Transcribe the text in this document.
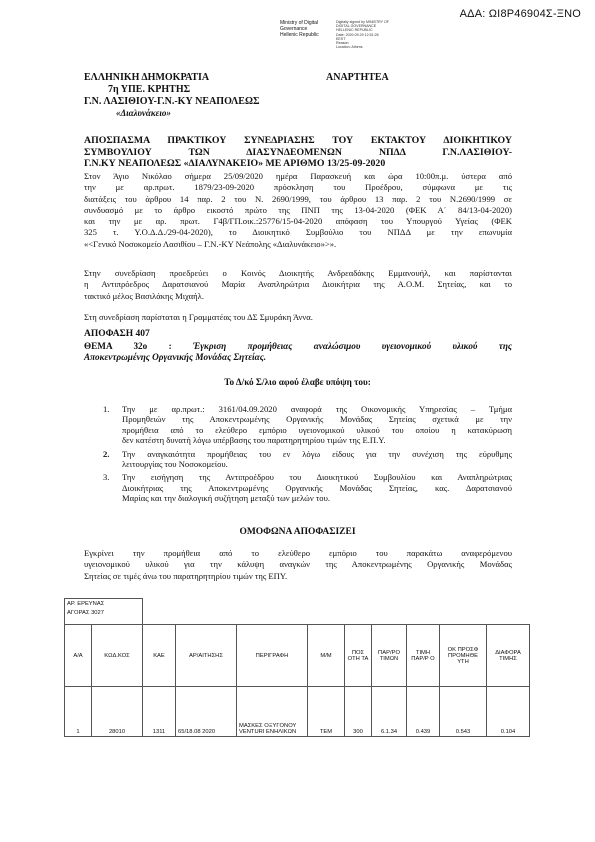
ΑΔΑ: ΩΙ8Ρ46904Σ-ΞΝΟ
Ministry of Digital
Governance
Hellenic RepublicDigitally signed by MINISTRY OF
DIGITAL GOVERNANCE
HELLENIC REPUBLIC
Date: 2020.09.29 12:51:26
EEST
Reason:
Location: Athens
ΕΛΛΗΝΙΚΗ ΔΗΜΟΚΡΑΤΙΑ	ΑΝΑΡΤΗΤΕΑ
7η ΥΠΕ. ΚΡΗΤΗΣ
Γ.Ν. ΛΑΣΙΘΙΟΥ-Γ.Ν.-ΚΥ ΝΕΑΠΟΛΕΩΣ
«Διαλυνάκειο»
ΑΠΟΣΠΑΣΜΑ ΠΡΑΚΤΙΚΟΥ ΣΥΝΕΔΡΙΑΣΗΣ ΤΟΥ ΕΚΤΑΚΤΟΥ ΔΙΟΙΚΗΤΙΚΟΥ
ΣΥΜΒΟΥΛΙΟΥ ΤΩΝ ΔΙΑΣΥΝΔΕΟΜΕΝΩΝ ΝΠΔΔ Γ.Ν.ΛΑΣΙΘΙΟΥ-
Γ.Ν.ΚΥ ΝΕΑΠΟΛΕΩΣ «ΔΙΑΛΥΝΑΚΕΙΟ» ΜΕ ΑΡΙΘΜΟ 13/25-09-2020
Στον Άγιο Νικόλαο σήμερα 25/09/2020 ημέρα Παρασκευή και ώρα 10:00π.μ. ύστερα από
την με αρ.πρωτ. 1879/23-09-2020 πρόσκληση του Προέδρου, σύμφωνα με τις
διατάξεις του άρθρου 14 παρ. 2 του Ν. 2690/1999, του άρθρου 13 παρ. 2 του Ν.2690/1999 σε
συνδυασμό με το άρθρο εικοστό πρώτο της ΠΝΠ της 13-04-2020 (ΦΕΚ Α΄ 84/13-04-2020)
και την με αρ. πρωτ. Γ4β/ΓΠ.οικ.:25776/15-04-2020 απόφαση του Υπουργού Υγείας (ΦΕΚ
325 τ. Υ.Ο.Δ.Δ./29-04-2020), το Διοικητικό Συμβούλιο του ΝΠΔΔ με την επωνυμία
«<Γενικό Νοσοκομείο Λασιθίου – Γ.Ν.-ΚΥ Νεάπολης «Διαλυνάκειο»>».
Στην συνεδρίαση προεδρεύει ο Κοινός Διοικητής Ανδρεαδάκης Εμμανουήλ, και παρίστανται
η Αντιπρόεδρος Δαρατσιανού Μαρία Αναπληρώτρια Διοικήτρια της Α.Ο.Μ. Σητείας, και το
τακτικό μέλος Βασιλάκης Μιχαήλ.
Στη συνεδρίαση παρίσταται η Γραμματέας του ΔΣ Σμυράκη Άννα.
ΑΠΟΦΑΣΗ 407
ΘΕΜΑ 32ο : Έγκριση προμήθειας αναλώσιμου υγειονομικού υλικού της
Αποκεντρωμένης Οργανικής Μονάδας Σητείας.
Το Δ/κό Σ/λιο αφού έλαβε υπόψη του:
1. Την με αρ.πρωτ.: 3161/04.09.2020 αναφορά της Οικονομικής Υπηρεσίας – Τμήμα
Προμηθειών της Αποκεντρωμένης Οργανικής Μονάδας Σητείας σχετικά με την
προμήθεια από το ελεύθερο εμπόριο υγειονομικού υλικού του οποίου η κατακύρωση
δεν κατέστη δυνατή λόγω υπέρβασης του παρατηρητηρίου τιμών της Ε.Π.Υ.
2. Την αναγκαιότητα προμήθειας του εν λόγω είδους για την συνέχιση της εύρυθμης
λειτουργίας του Νοσοκομείου.
3. Την εισήγηση της Αντιπροέδρου του Διοικητικού Συμβουλίου και Αναπληρώτριας
Διοικήτριας της Αποκεντρωμένης Οργανικής Μονάδας Σητείας, κας. Δαρατσιανού
Μαρίας και την διαλογική συζήτηση μεταξύ των μελών του.
ΟΜΟΦΩΝΑ ΑΠΟΦΑΣΙΖΕΙ
Εγκρίνει την προμήθεια από το ελεύθερο εμπόριο του παρακάτω αναφερόμενου
υγειονομικού υλικού για την κάλυψη αναγκών της Αποκεντρωμένης Οργανικής Μονάδας
Σητείας σε τιμές άνω του παρατηρητηρίου τιμών της ΕΠΥ.
ΑΡ. ΕΡΕΥΝΑΣ
ΑΓΟΡΑΣ 3027										

Α/Α	ΚΩΔ.ΚΟΣ	ΚΑΕ	ΑΡ/ΑΙΤΗΣΗΣ	ΠΕΡΙΓΡΑΦΗ	Μ/Μ	ΠΟΣ ΟΤΗ ΤΑ	ΠΑΡ/ΡΟ ΤΙΜΩΝ	ΤΙΜΗ ΠΑΡ/Ρ Ο	ΟΚ ΠΡΟΣΦ ΠΡΟΜΗΘΕ ΥΤΗ	ΔΙΑΦΟΡΑ ΤΙΜΗΣ
1	28010	1311	65/18.08 2020	ΜΑΣΚΕΣ ΟΞΥΓΟΝΟΥ VENTURI ΕΝΗΛΙΚΩΝ	ΤΕΜ	300	6.1.34	0.439	0.543	0.104
